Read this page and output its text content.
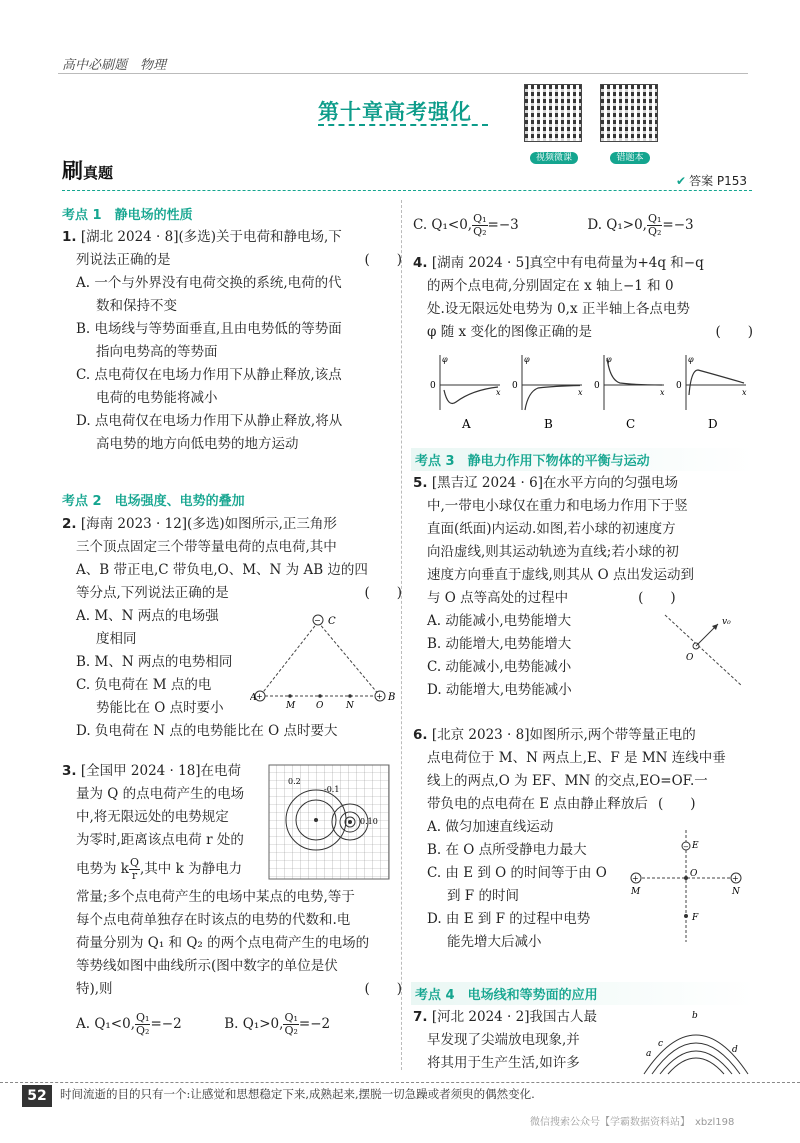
高中必刷题　物理
第十章高考强化
视频微课	错题本
刷真题	✔ 答案 P153
考点 1　静电场的性质
1. [湖北 2024 · 8](多选)关于电荷和静电场,下
列说法正确的是	(　　)
A. 一个与外界没有电荷交换的系统,电荷的代
数和保持不变
B. 电场线与等势面垂直,且由电势低的等势面
指向电势高的等势面
C. 点电荷仅在电场力作用下从静止释放,该点
电荷的电势能将减小
D. 点电荷仅在电场力作用下从静止释放,将从
高电势的地方向低电势的地方运动
考点 2　电场强度、电势的叠加
2. [海南 2023 · 12](多选)如图所示,正三角形
三个顶点固定三个带等量电荷的点电荷,其中
A、B 带正电,C 带负电,O、M、N 为 AB 边的四
等分点,下列说法正确的是	(　　)
A. M、N 两点的电场强
度相同
B. M、N 两点的电势相同
C. 负电荷在 M 点的电
势能比在 O 点时要小
D. 负电荷在 N 点的电势能比在 O 点时要大
− C
+
A	+ B
M O	N
3. [全国甲 2024 · 18]在电荷
量为 Q 的点电荷产生的电场
中,将无限远处的电势规定
为零时,距离该点电荷 r 处的
电势为 k $\frac{Q}{r}$ ,其中 k 为静电力
常量;多个点电荷产生的电场中某点的电势,等于
每个点电荷单独存在时该点的电势的代数和.电
荷量分别为 Q₁ 和 Q₂ 的两个点电荷产生的电场的
等势线如图中曲线所示(图中数字的单位是伏
特),则	(　　)
A. Q₁<0, $\frac{\text{Q₁}}{\text{Q₂}} =-2$	B. Q₁>0, $\frac{\text{Q₁}}{\text{Q₂}} =-2$
0.2
-0.1
0.10
C. Q₁<0, $\frac{\text{Q₁}}{\text{Q₂}} =-3$	D. Q₁>0, $\frac{\text{Q₁}}{\text{Q₂}} =-3$
4. [湖南 2024 · 5]真空中有电荷量为+4q 和−q
的两个点电荷,分别固定在 x 轴上−1 和 0
处.设无限远处电势为 0,x 正半轴上各点电势
φ 随 x 变化的图像正确的是	(　　)
φ
0
x
A
φ
0
x
B
φ
0
x
C
φ
0
x
D
考点 3　静电力作用下物体的平衡与运动
5. [黑吉辽 2024 · 6]在水平方向的匀强电场
中,一带电小球仅在重力和电场力作用下于竖
直面(纸面)内运动.如图,若小球的初速度方
向沿虚线,则其运动轨迹为直线;若小球的初
速度方向垂直于虚线,则其从 O 点出发运动到
与 O 点等高处的过程中	(　　)
A. 动能减小,电势能增大
B. 动能增大,电势能增大
C. 动能减小,电势能减小
D. 动能增大,电势能减小
O
v₀
6. [北京 2023 · 8]如图所示,两个带等量正电的
点电荷位于 M、N 两点上,E、F 是 MN 连线中垂
线上的两点,O 为 EF、MN 的交点,EO=OF.一
带负电的点电荷在 E 点由静止释放后 (　　)
A. 做匀加速直线运动
B. 在 O 点所受静电力最大
C. 由 E 到 O 的时间等于由 O
到 F 的时间
D. 由 E 到 F 的过程中电势
能先增大后减小
+	+
− E
O
F
M	N
考点 4　电场线和等势面的应用
7. [河北 2024 · 2]我国古人最
早发现了尖端放电现象,并
将其用于生产生活,如许多
b
a
c
d
52	时间流逝的目的只有一个:让感觉和思想稳定下来,成熟起来,摆脱一切急躁或者须臾的偶然变化.
微信搜索公众号【学霸数据资料站】　xbzl198
